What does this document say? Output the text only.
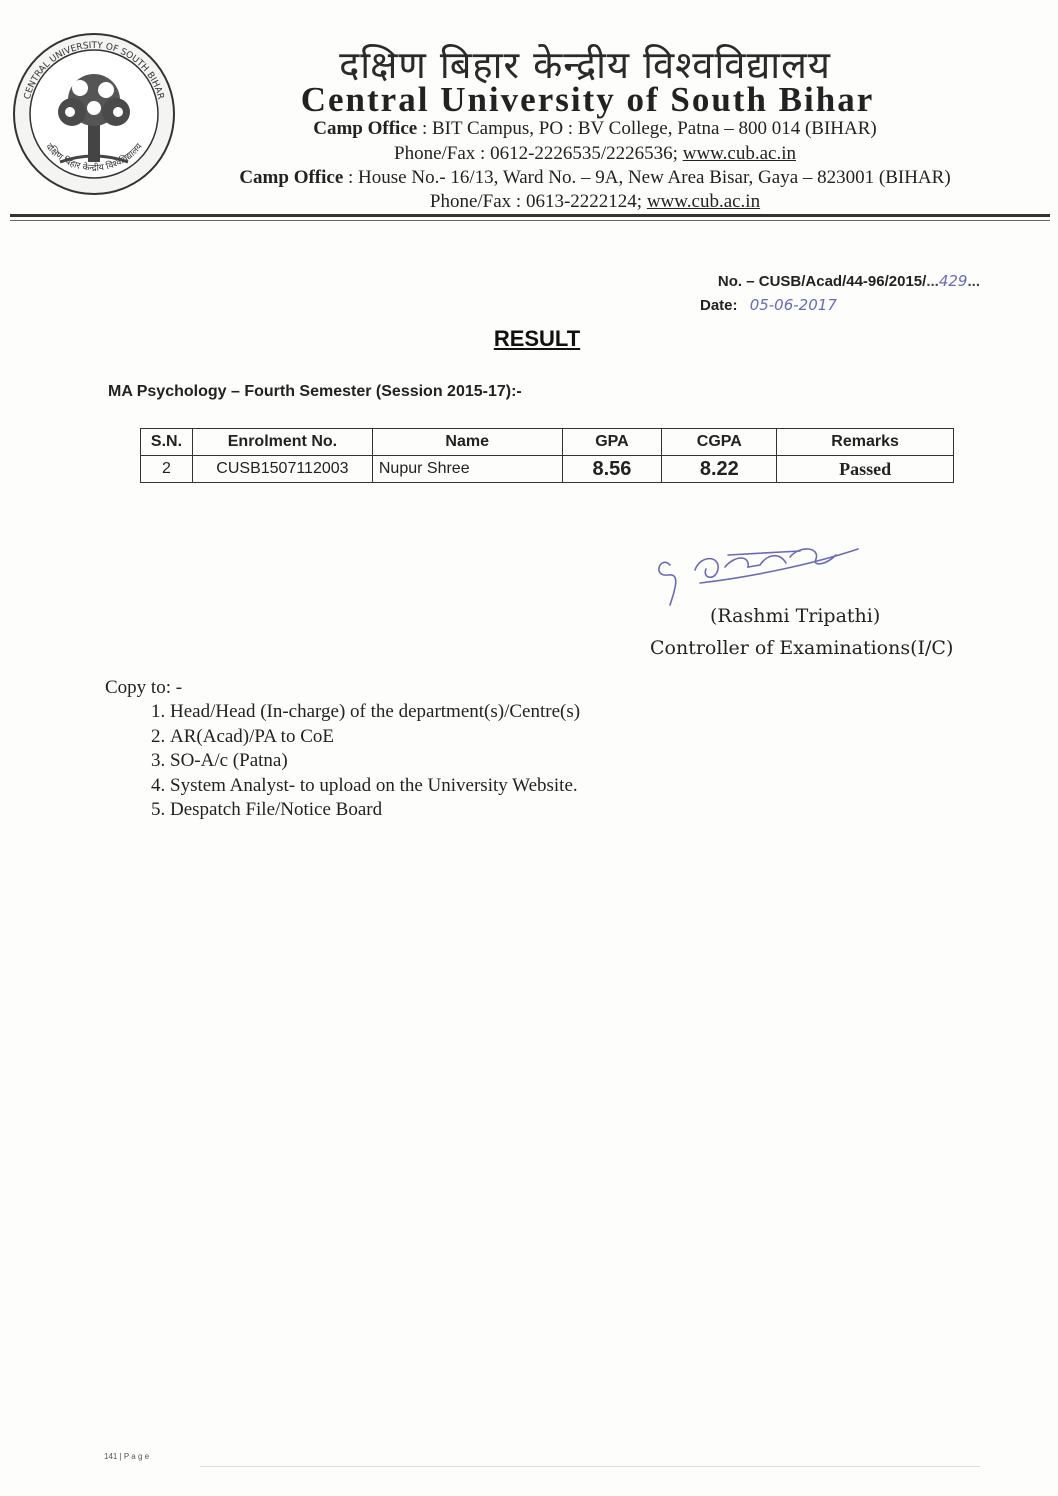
CENTRAL UNIVERSITY OF SOUTH BIHAR
दक्षिण बिहार केन्द्रीय विश्वविद्यालय
दक्षिण बिहार केन्द्रीय विश्वविद्यालय
Central University of South Bihar
Camp Office : BIT Campus, PO : BV College, Patna – 800 014 (BIHAR)
Phone/Fax : 0612-2226535/2226536; www.cub.ac.in
Camp Office : House No.- 16/13, Ward No. – 9A, New Area Bisar, Gaya – 823001 (BIHAR)
Phone/Fax : 0613-2222124; www.cub.ac.in
No. – CUSB/Acad/44-96/2015/...429...
Date: 05-06-2017
RESULT
MA Psychology – Fourth Semester (Session 2015-17):-
S.N.	Enrolment No.	Name	GPA	CGPA	Remarks
2	CUSB1507112003	Nupur Shree	8.56	8.22	Passed
(Rashmi Tripathi)
Controller of Examinations(I/C)
Copy to: -
1. Head/Head (In-charge) of the department(s)/Centre(s)
2. AR(Acad)/PA to CoE
3. SO-A/c (Patna)
4. System Analyst- to upload on the University Website.
5. Despatch File/Notice Board
141 | P a g e
